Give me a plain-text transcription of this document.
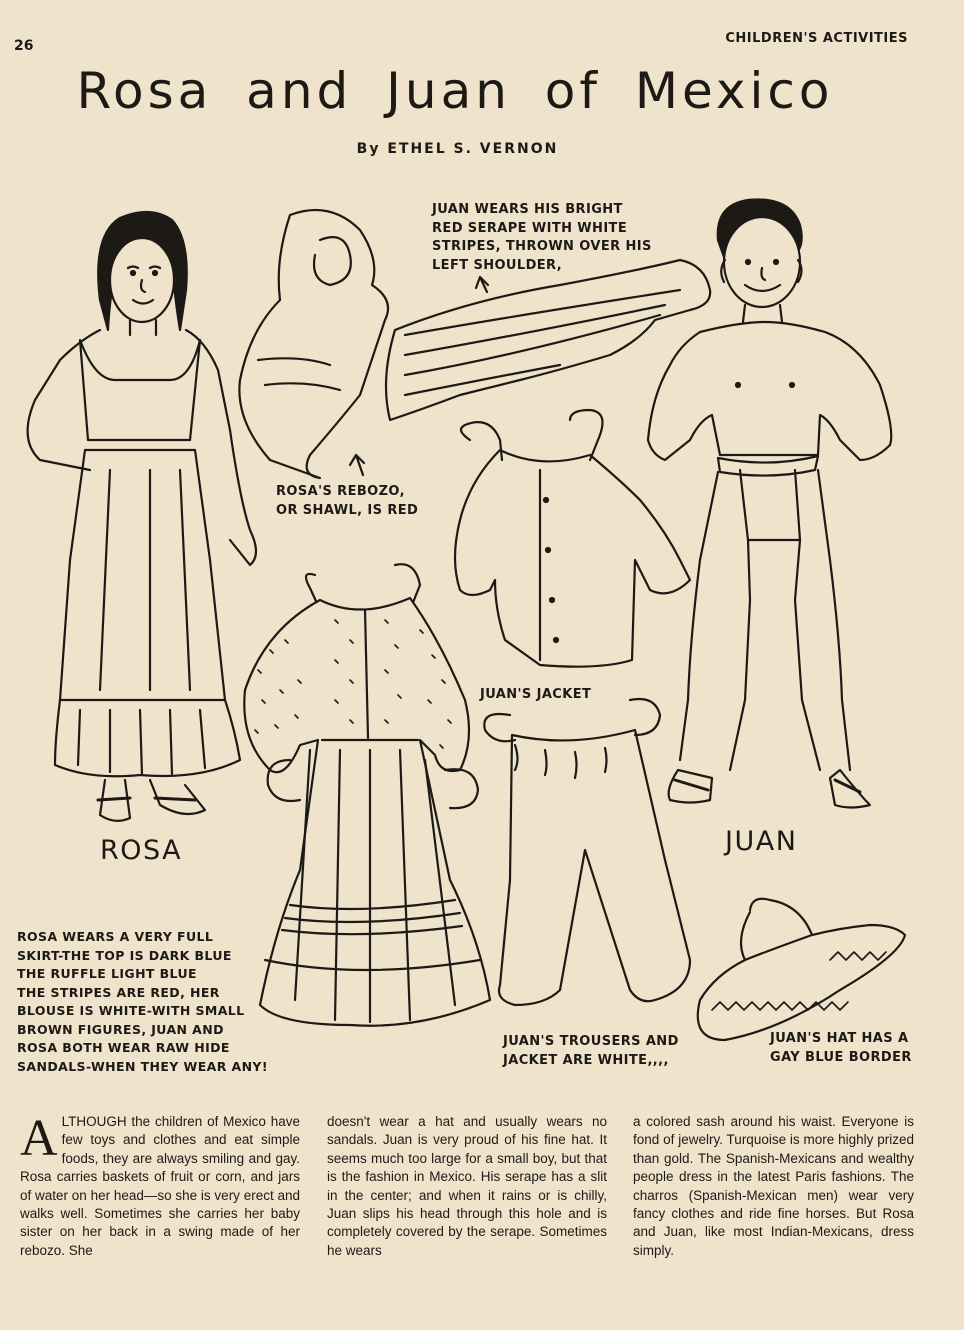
26	CHILDREN'S ACTIVITIES
Rosa and Juan of Mexico
By ETHEL S. VERNON
JUAN WEARS HIS BRIGHT
RED SERAPE WITH WHITE
STRIPES, THROWN OVER HIS
LEFT SHOULDER,
ROSA'S REBOZO,
OR SHAWL, IS RED
JUAN'S JACKET
JUAN'S TROUSERS AND
JACKET ARE WHITE,,,,
JUAN'S HAT HAS A
GAY BLUE BORDER
ROSA WEARS A VERY FULL
SKIRT-THE TOP IS DARK BLUE
THE RUFFLE LIGHT BLUE
THE STRIPES ARE RED, HER
BLOUSE IS WHITE-WITH SMALL
BROWN FIGURES, JUAN AND
ROSA BOTH WEAR RAW HIDE
SANDALS-WHEN THEY WEAR ANY!
ROSA	JUAN
ALTHOUGH the children of Mexico have few toys and clothes and eat simple foods, they are always smiling and gay. Rosa carries baskets of fruit or corn, and jars of water on her head—so she is very erect and walks well. Sometimes she carries her baby sister on her back in a swing made of her rebozo. She
doesn't wear a hat and usually wears no sandals. Juan is very proud of his fine hat. It seems much too large for a small boy, but that is the fashion in Mexico. His serape has a slit in the center; and when it rains or is chilly, Juan slips his head through this hole and is completely covered by the serape. Sometimes he wears
a colored sash around his waist. Everyone is fond of jewelry. Turquoise is more highly prized than gold. The Spanish-Mexicans and wealthy people dress in the latest Paris fashions. The charros (Spanish-Mexican men) wear very fancy clothes and ride fine horses. But Rosa and Juan, like most Indian-Mexicans, dress simply.
